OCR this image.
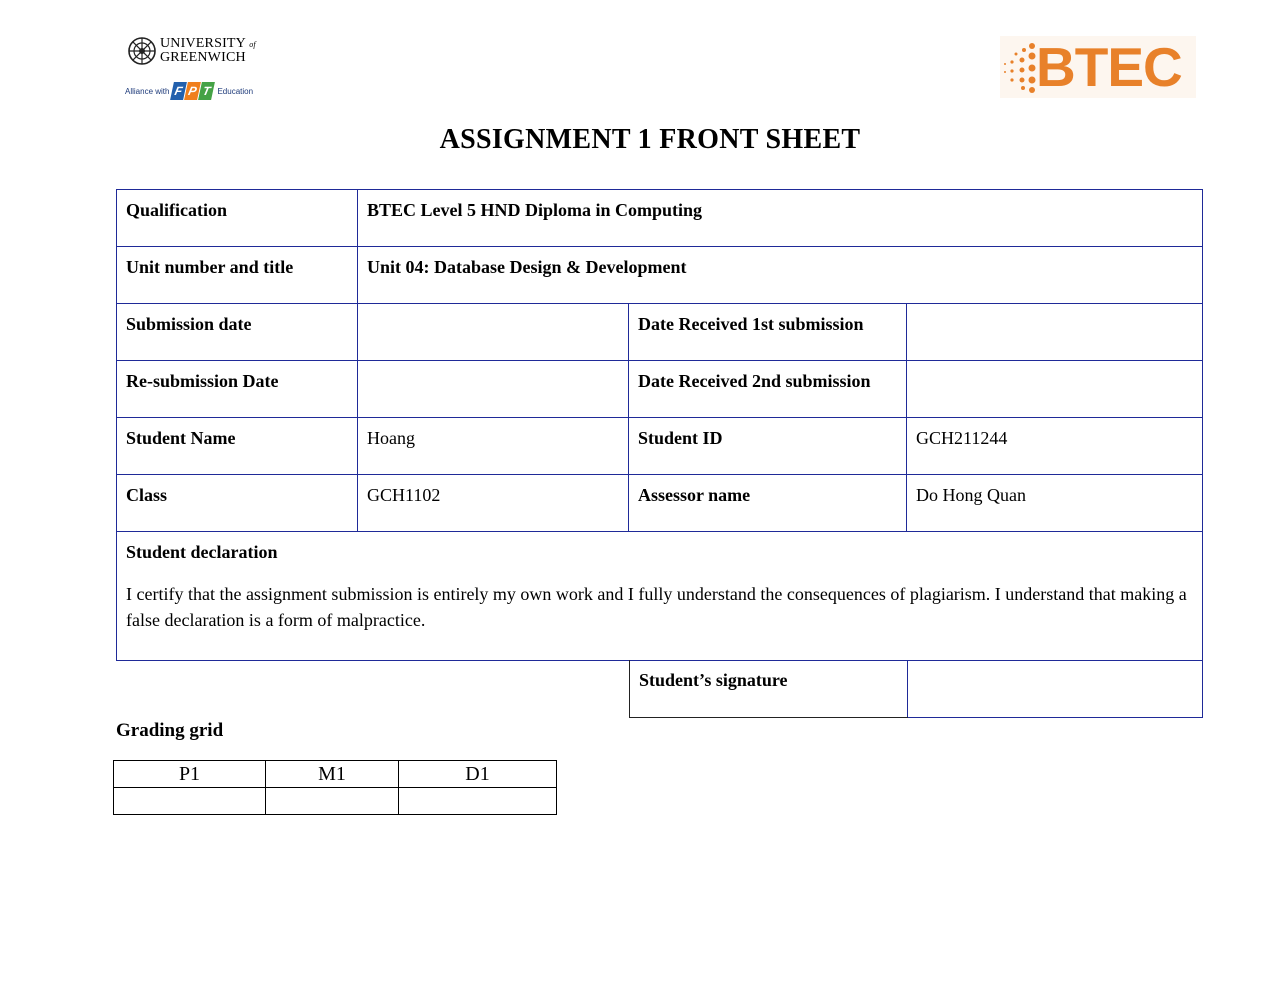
UNIVERSITY of
GREENWICH
Alliance with F P T Education	BTEC
ASSIGNMENT 1 FRONT SHEET
Qualification	BTEC Level 5 HND Diploma in Computing		
Unit number and title	Unit 04: Database Design & Development		
Submission date		Date Received 1st submission	
Re-submission Date		Date Received 2nd submission	
Student Name	Hoang	Student ID	GCH211244
Class	GCH1102	Assessor name	Do Hong Quan

Student declaration
I certify that the assignment submission is entirely my own work and I fully understand the consequences of plagiarism. I understand that making a false declaration is a form of malpractice.			
Student’s signature	
Grading grid
P1	M1	D1
